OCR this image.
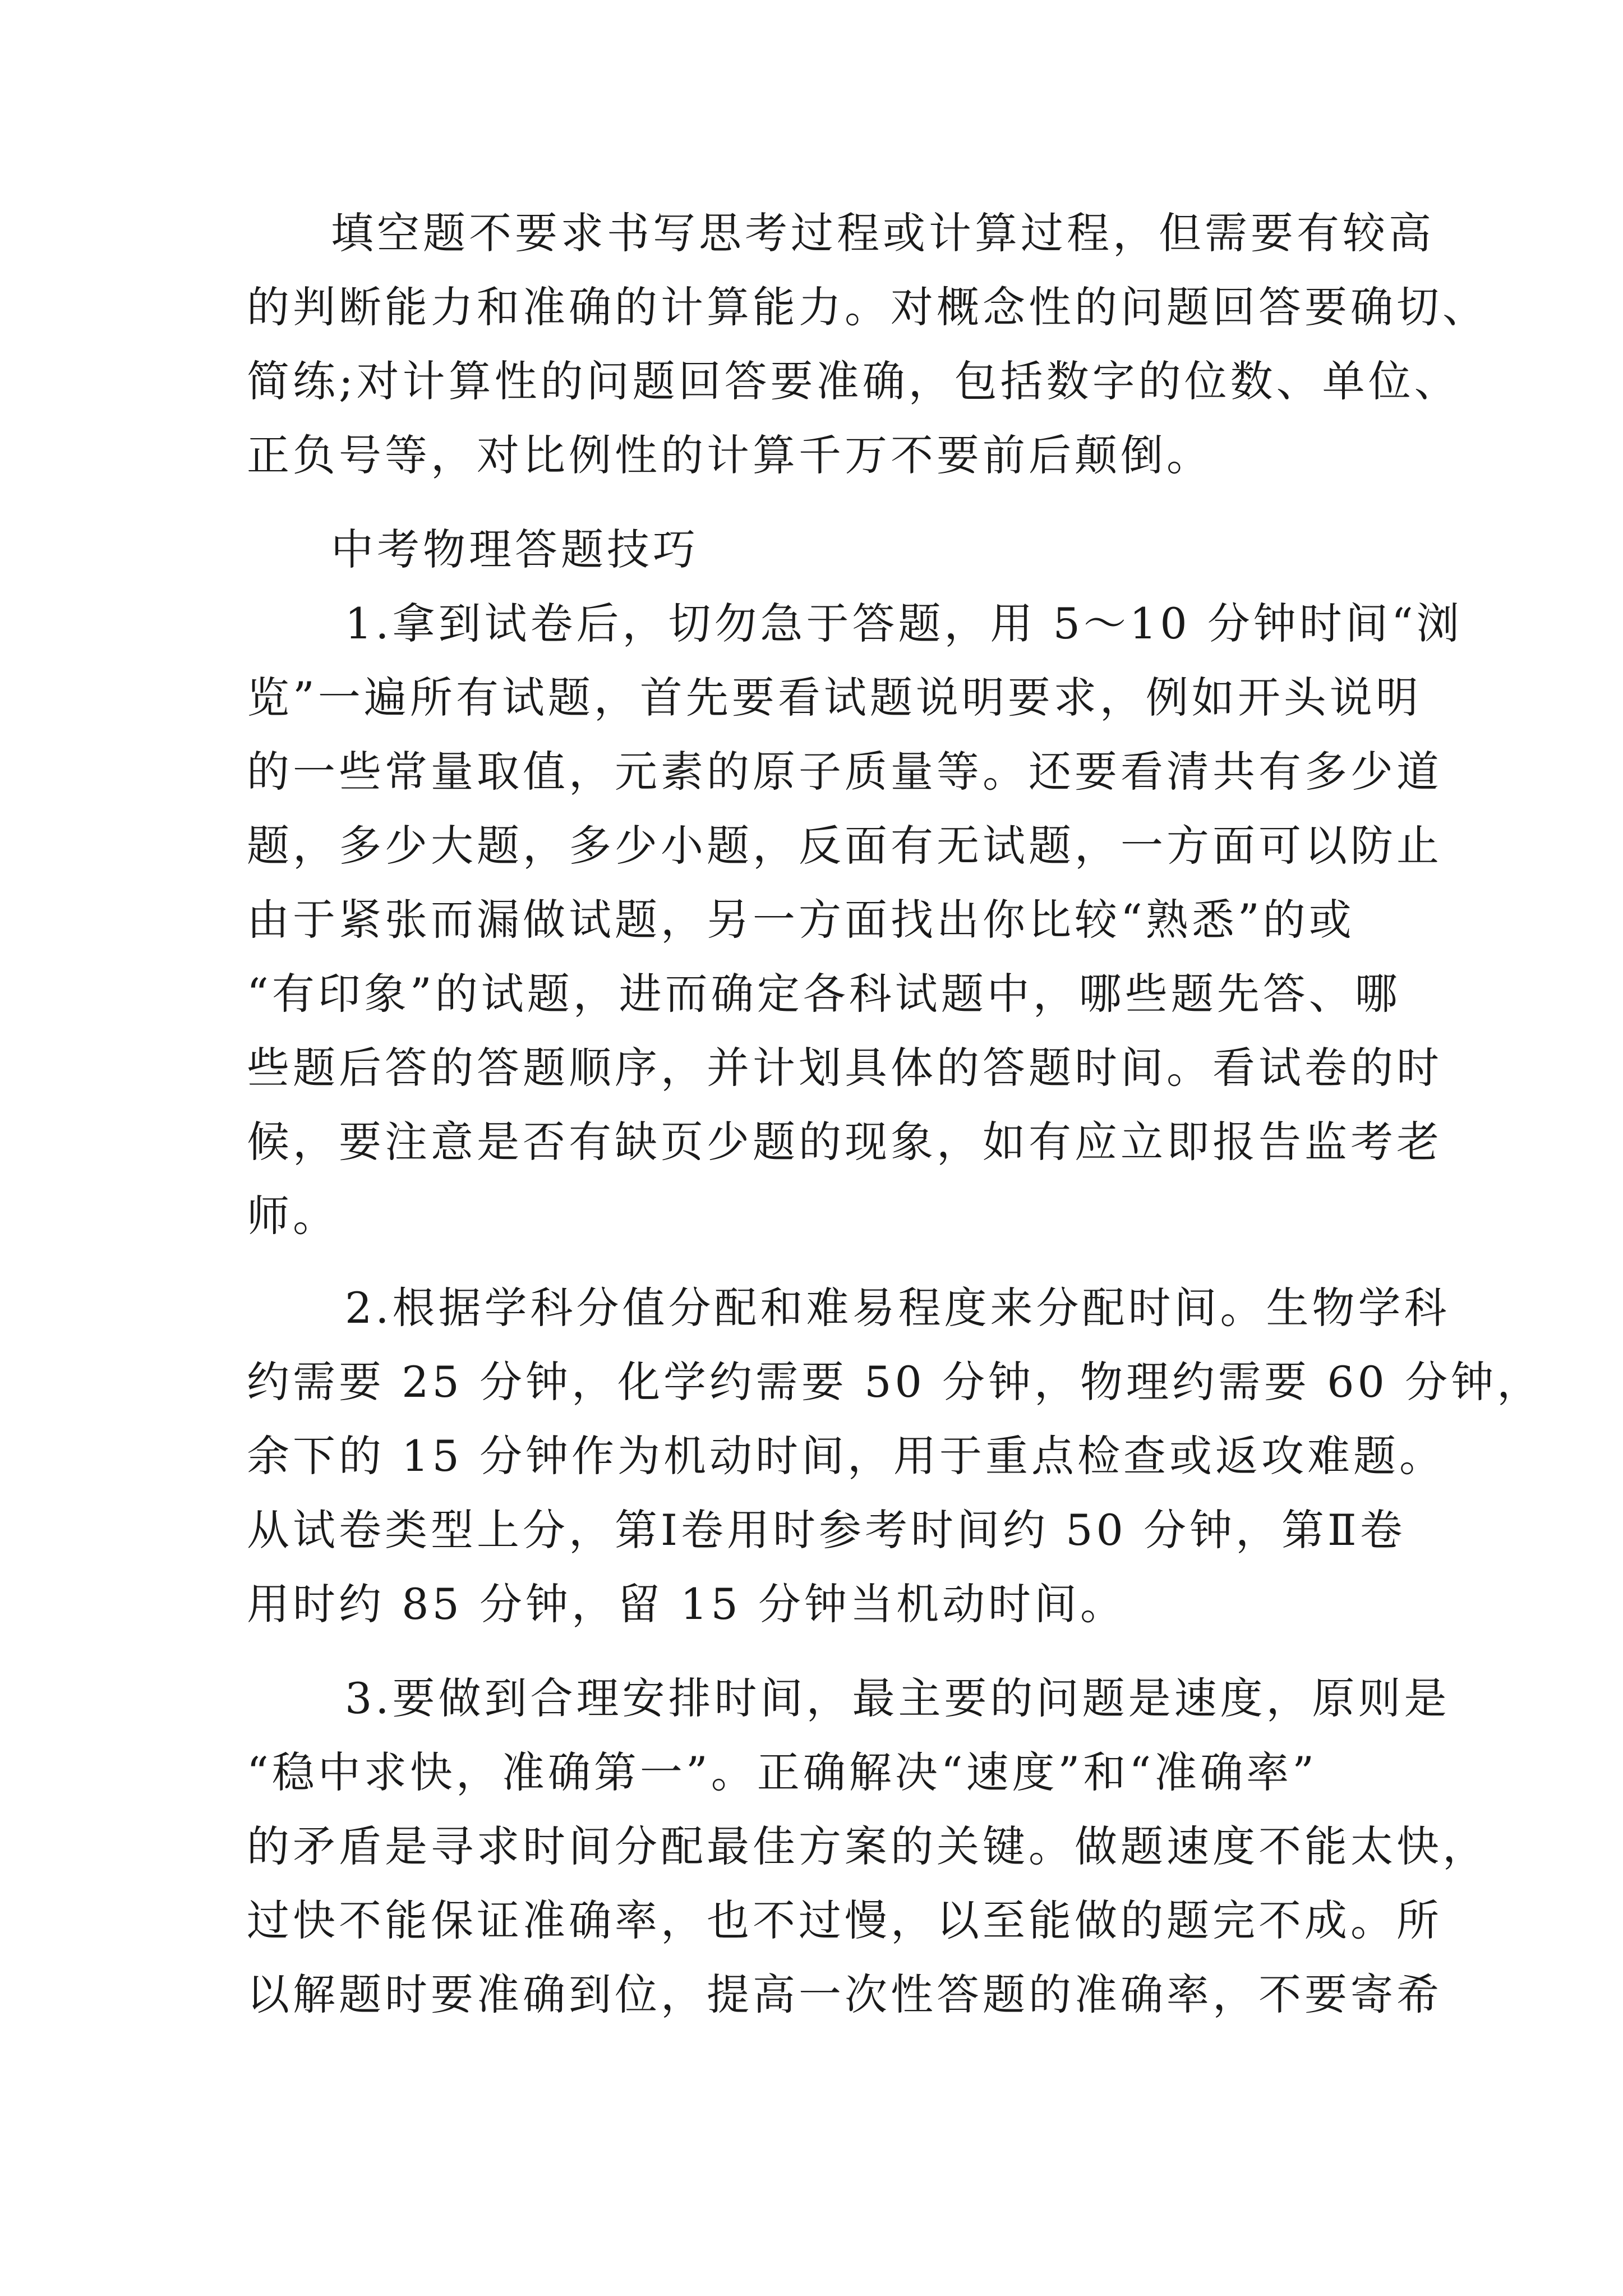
填空题不要求书写思考过程或计算过程，但需要有较高
的判断能力和准确的计算能力。对概念性的问题回答要确切、
简练;对计算性的问题回答要准确，包括数字的位数、单位、
正负号等，对比例性的计算千万不要前后颠倒。
中考物理答题技巧
1.拿到试卷后，切勿急于答题，用 5～10 分钟时间“浏
览”一遍所有试题，首先要看试题说明要求，例如开头说明
的一些常量取值，元素的原子质量等。还要看清共有多少道
题，多少大题，多少小题，反面有无试题，一方面可以防止
由于紧张而漏做试题，另一方面找出你比较“熟悉”的或
“有印象”的试题，进而确定各科试题中，哪些题先答、哪
些题后答的答题顺序，并计划具体的答题时间。看试卷的时
候，要注意是否有缺页少题的现象，如有应立即报告监考老
师。
2.根据学科分值分配和难易程度来分配时间。生物学科
约需要 25 分钟，化学约需要 50 分钟，物理约需要 60 分钟，
余下的 15 分钟作为机动时间，用于重点检查或返攻难题。
从试卷类型上分，第Ⅰ卷用时参考时间约 50 分钟，第Ⅱ卷
用时约 85 分钟，留 15 分钟当机动时间。
3.要做到合理安排时间，最主要的问题是速度，原则是
“稳中求快，准确第一”。正确解决“速度”和“准确率”
的矛盾是寻求时间分配最佳方案的关键。做题速度不能太快，
过快不能保证准确率，也不过慢，以至能做的题完不成。所
以解题时要准确到位，提高一次性答题的准确率，不要寄希
